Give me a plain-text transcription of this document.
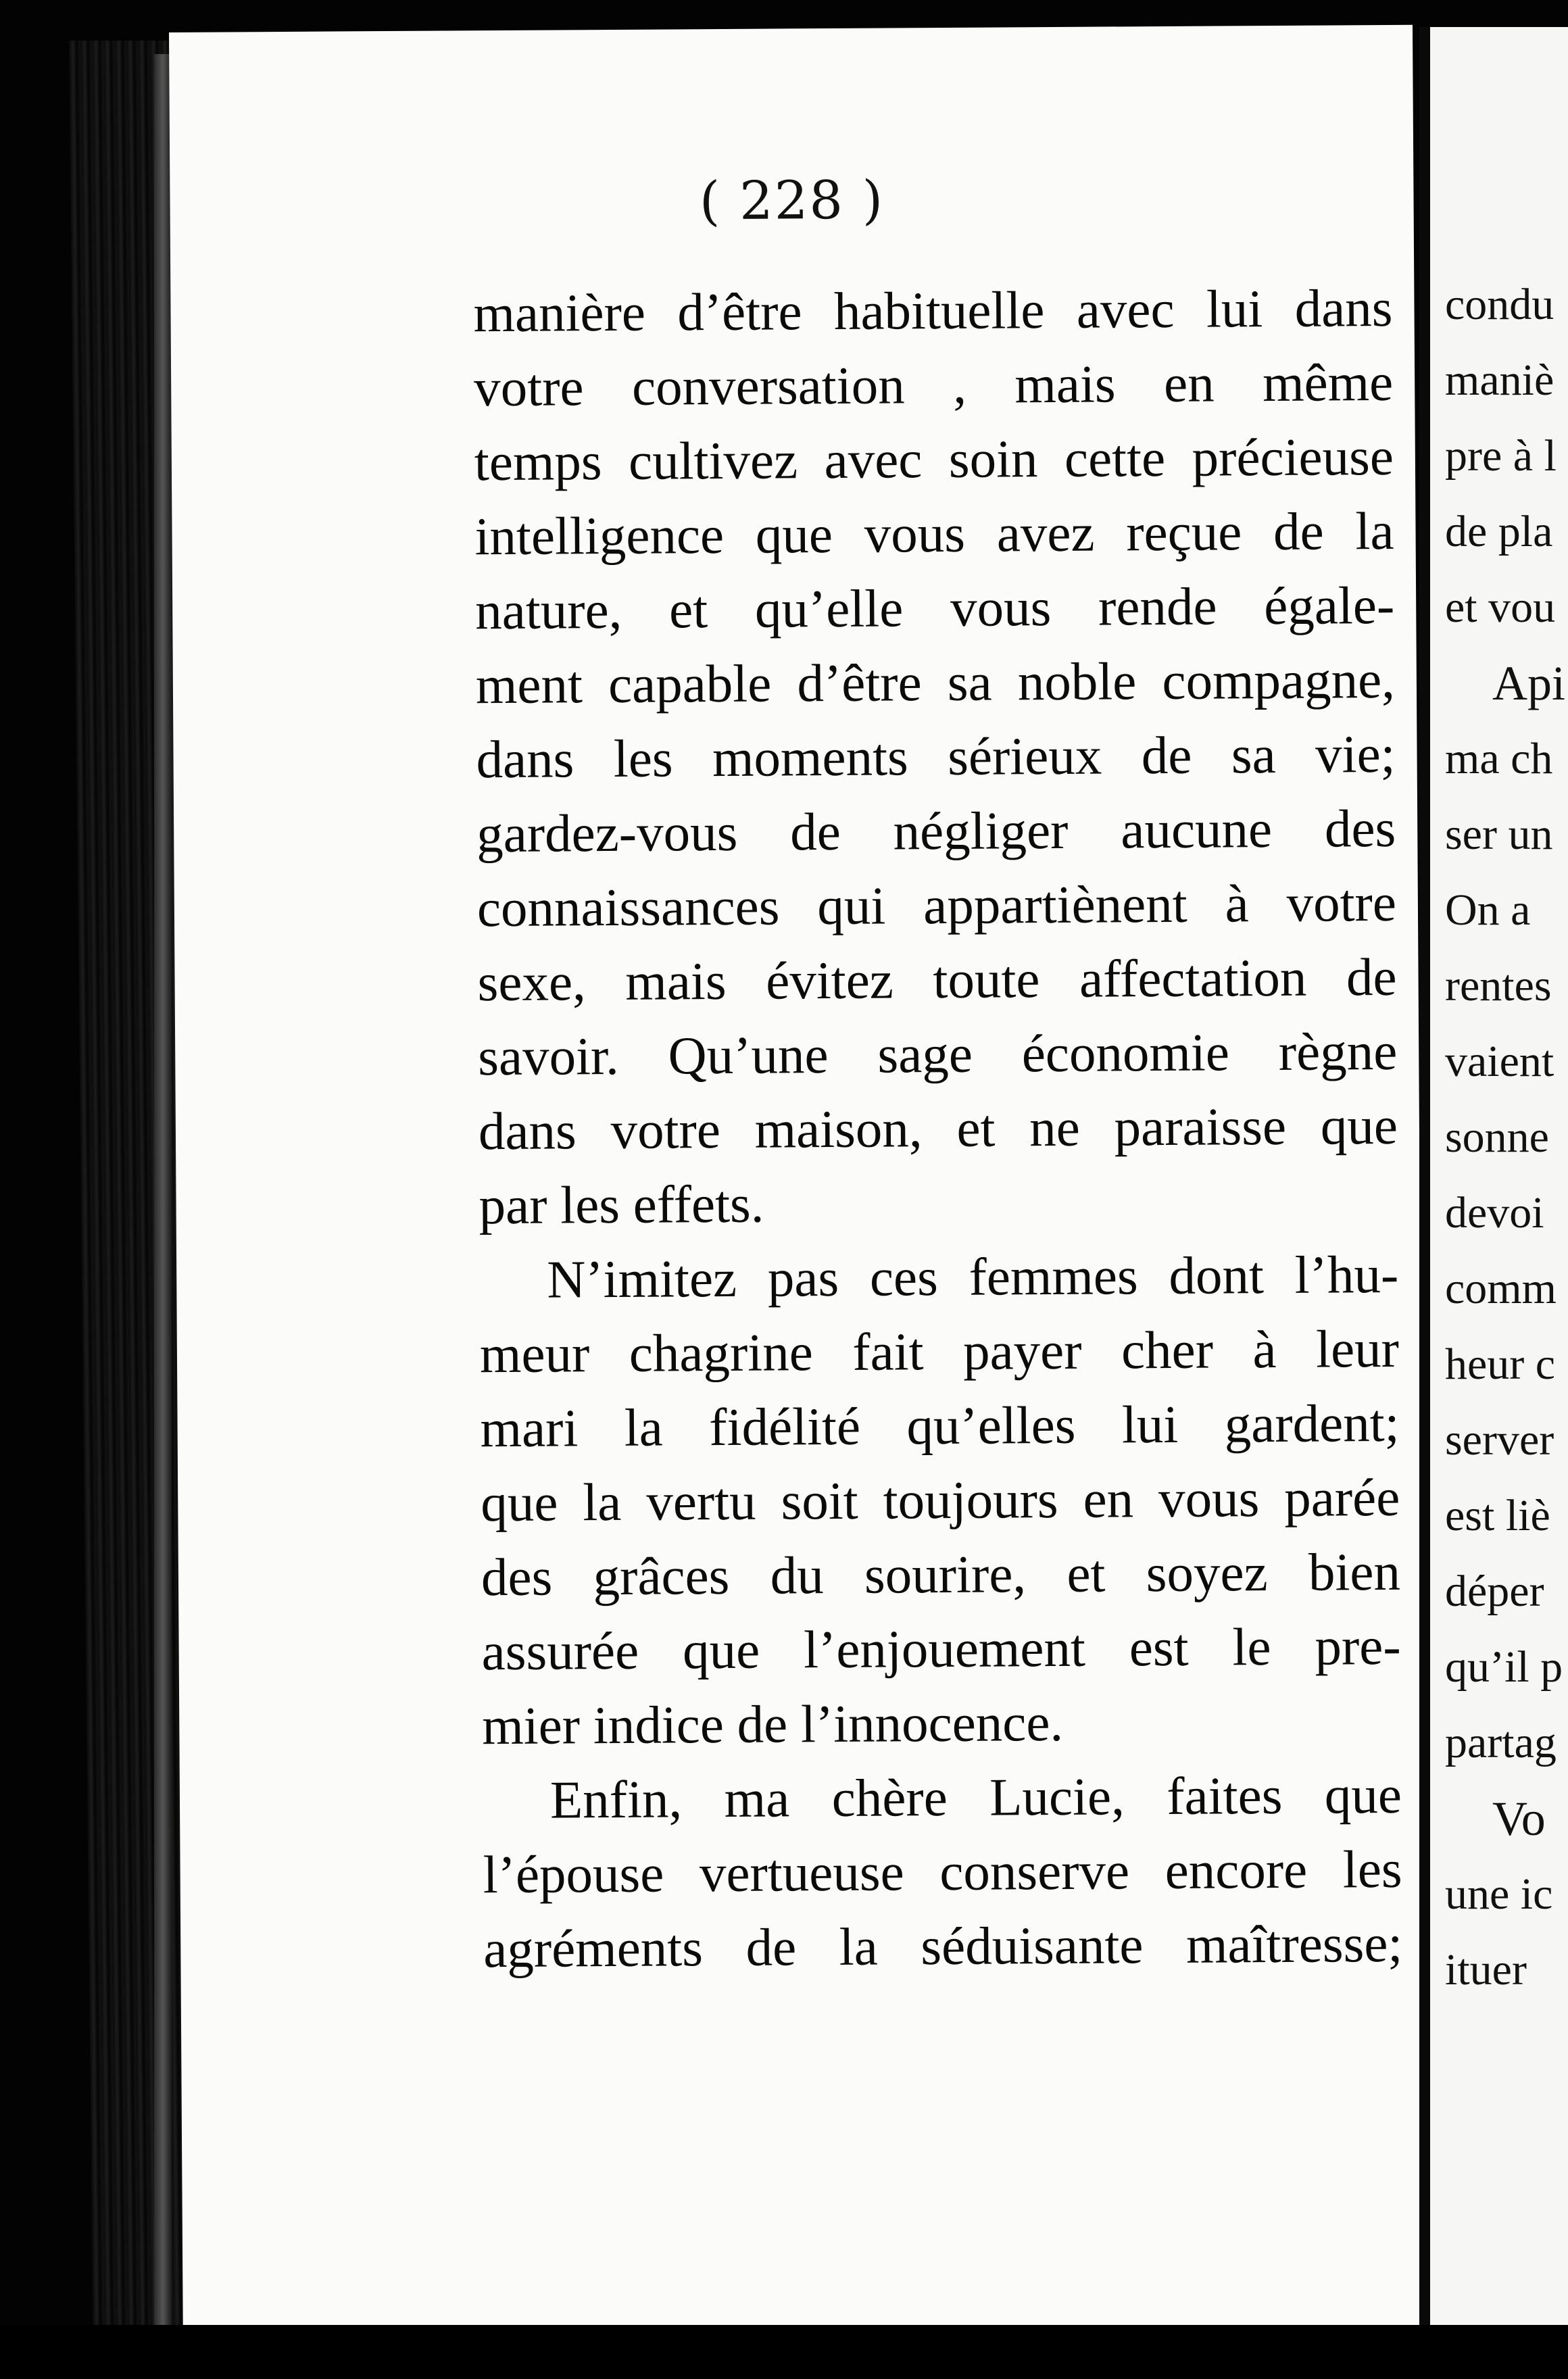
( 228 )
manière d’être habituelle avec lui dans
votre conversation , mais en même
temps cultivez avec soin cette précieuse
intelligence que vous avez reçue de la
nature, et qu’elle vous rende égale-
ment capable d’être sa noble compagne,
dans les moments sérieux de sa vie;
gardez-vous de négliger aucune des
connaissances qui appartiènent à votre
sexe, mais évitez toute affectation de
savoir. Qu’une sage économie règne
dans votre maison, et ne paraisse que
par les effets.
N’imitez pas ces femmes dont l’hu-
meur chagrine fait payer cher à leur
mari la fidélité qu’elles lui gardent;
que la vertu soit toujours en vous parée
des grâces du sourire, et soyez bien
assurée que l’enjouement est le pre-
mier indice de l’innocence.
Enfin, ma chère Lucie, faites que
l’épouse vertueuse conserve encore les
agréments de la séduisante maîtresse;
condu
maniè
pre à l
de pla
et vou
Api
ma ch
ser un
On a
rentes
vaient
sonne
devoi
comm
heur c
server
est liè
déper
qu’il p
partag
Vo
une ic
ituer
